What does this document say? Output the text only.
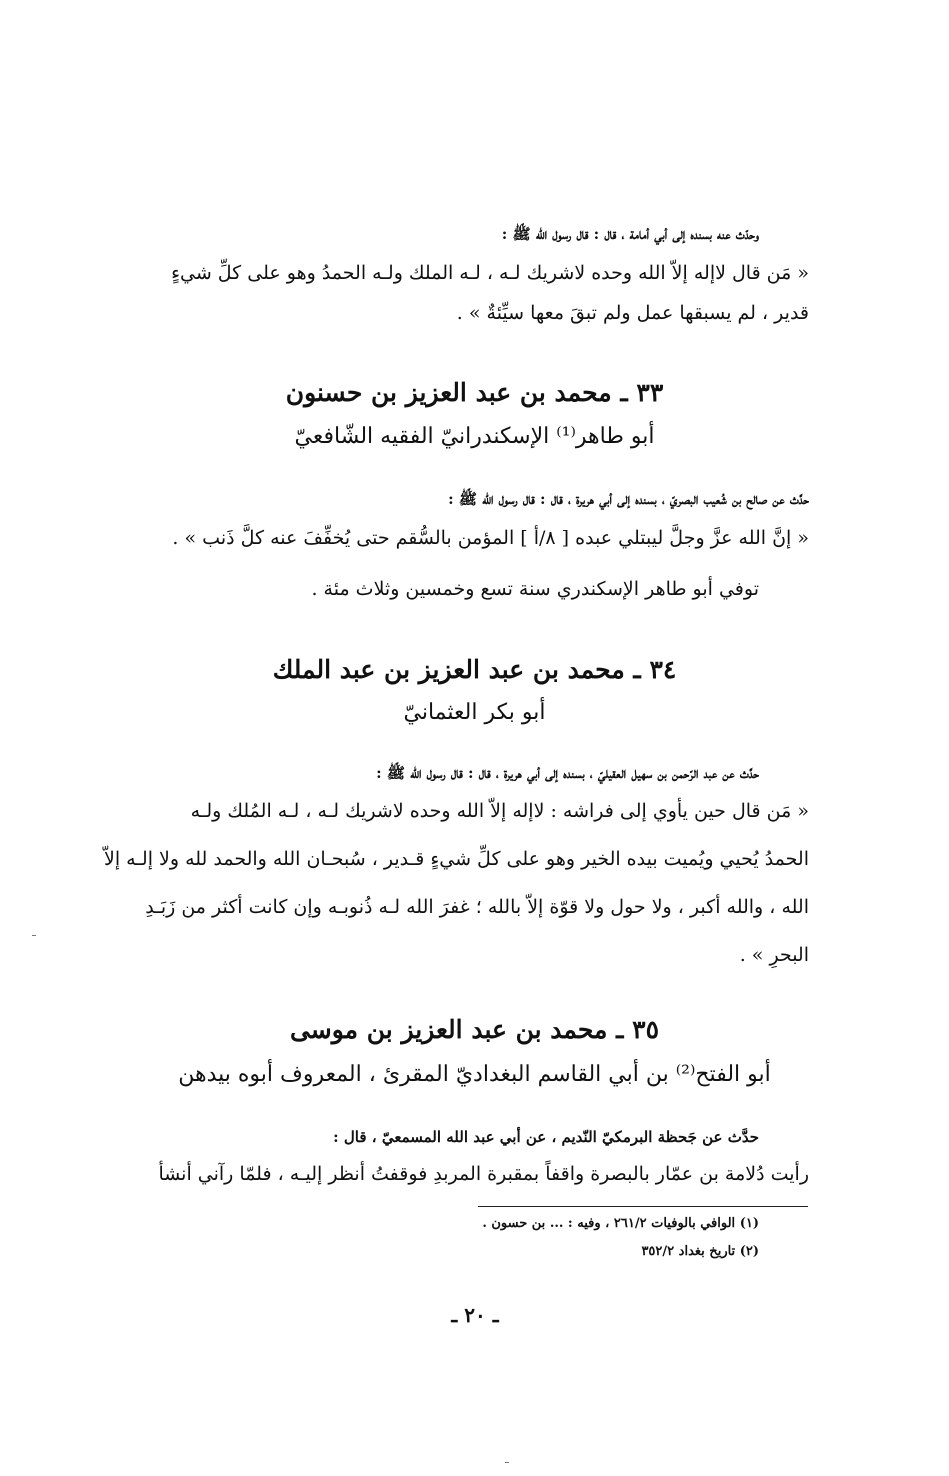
وحدّث عنه بسنده إلى أبي أمامة ، قال : قال رسول الله ﷺ :
« مَن قال لاإله إلاّ الله وحده لاشريك لـه ، لـه الملك ولـه الحمدُ وهو على كلِّ شيءٍ
قدير ، لم يسبقها عمل ولم تبقَ معها سيِّئةٌ » .
٣٣ ـ محمد بن عبد العزيز بن حسنون
أبو طاهر⁽¹⁾ الإسكندرانيّ الفقيه الشّافعيّ
حدَّث عن صالح بن شُعيب البصريّ ، بسنده إلى أبي هريرة ، قال : قال رسول الله ﷺ :
« إنَّ الله عزَّ وجلَّ ليبتلي عبده [ ٨/أ ] المؤمن بالسُّقم حتى يُخفِّفَ عنه كلَّ ذَنب » .
توفي أبو طاهر الإسكندري سنة تسع وخمسين وثلاث مئة .
٣٤ ـ محمد بن عبد العزيز بن عبد الملك
أبو بكر العثمانيّ
حدَّث عن عبد الرّحمن بن سهيل العقيليّ ، بسنده إلى أبي هريرة ، قال : قال رسول الله ﷺ :
« مَن قال حين يأوي إلى فراشه : لاإله إلاّ الله وحده لاشريك لـه ، لـه المُلك ولـه
الحمدُ يُحيي ويُميت بيده الخير وهو على كلِّ شيءٍ قـدير ، سُبحـان الله والحمد لله ولا إلـه إلاّ
الله ، والله أكبر ، ولا حول ولا قوّة إلاّ بالله ؛ غفرَ الله لـه ذُنوبـه وإن كانت أكثر من زَبَـدِ
البحرِ » .
٣٥ ـ محمد بن عبد العزيز بن موسى
أبو الفتح⁽²⁾ بن أبي القاسم البغداديّ المقرئ ، المعروف أبوه بيدهن
حدَّث عن جَحظة البرمكيّ النّديم ، عن أبي عبد الله المسمعيّ ، قال :
رأيت دُلامة بن عمّار بالبصرة واقفاً بمقبرة المربدِ فوقفتُ أنظر إليـه ، فلمّا رآني أنشأ
(١) الوافي بالوفيات ٢٦١/٢ ، وفيه : ... بن حسون .
(٢) تاريخ بغداد ٣٥٢/٢
ـ ٢٠ ـ
